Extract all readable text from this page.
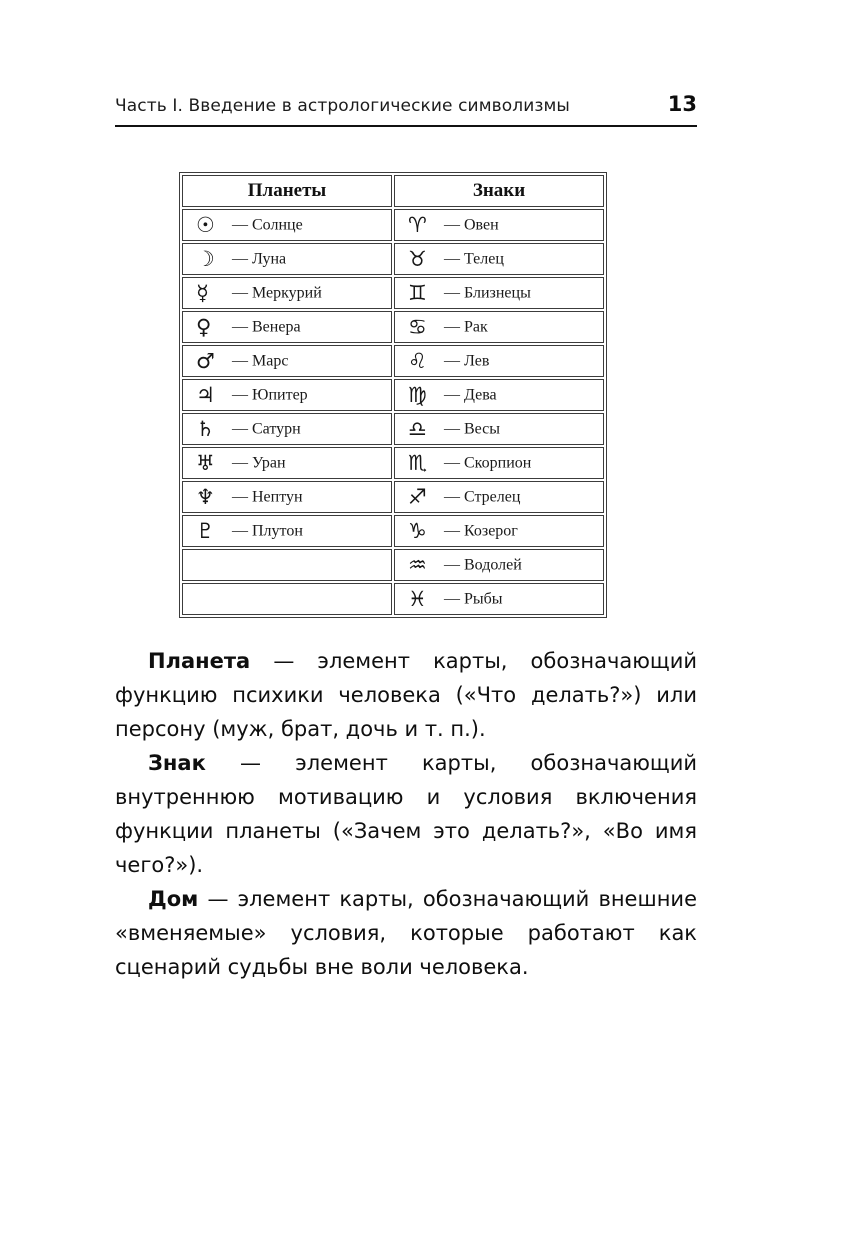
Часть I. Введение в астрологические символизмы	13
Планеты	Знаки
☉ — Солнце	♈ — Овен
☽ — Луна	♉ — Телец
☿ — Меркурий	♊ — Близнецы
♀ — Венера	♋ — Рак
♂ — Марс	♌ — Лев
♃ — Юпитер	♍ — Дева
♄ — Сатурн	♎ — Весы
♅ — Уран	♏ — Скорпион
♆ — Нептун	♐ — Стрелец
♇ — Плутон	♑ — Козерог
	♒ — Водолей
	♓ — Рыбы

Планета — элемент карты, обозначающий функцию психики человека («Что делать?») или персону (муж, брат, дочь и т. п.).

Знак — элемент карты, обозначающий внутреннюю мотивацию и условия включения функции планеты («Зачем это делать?», «Во имя чего?»).

Дом — элемент карты, обозначающий внешние «вменяемые» условия, которые работают как сценарий судьбы вне воли человека.
